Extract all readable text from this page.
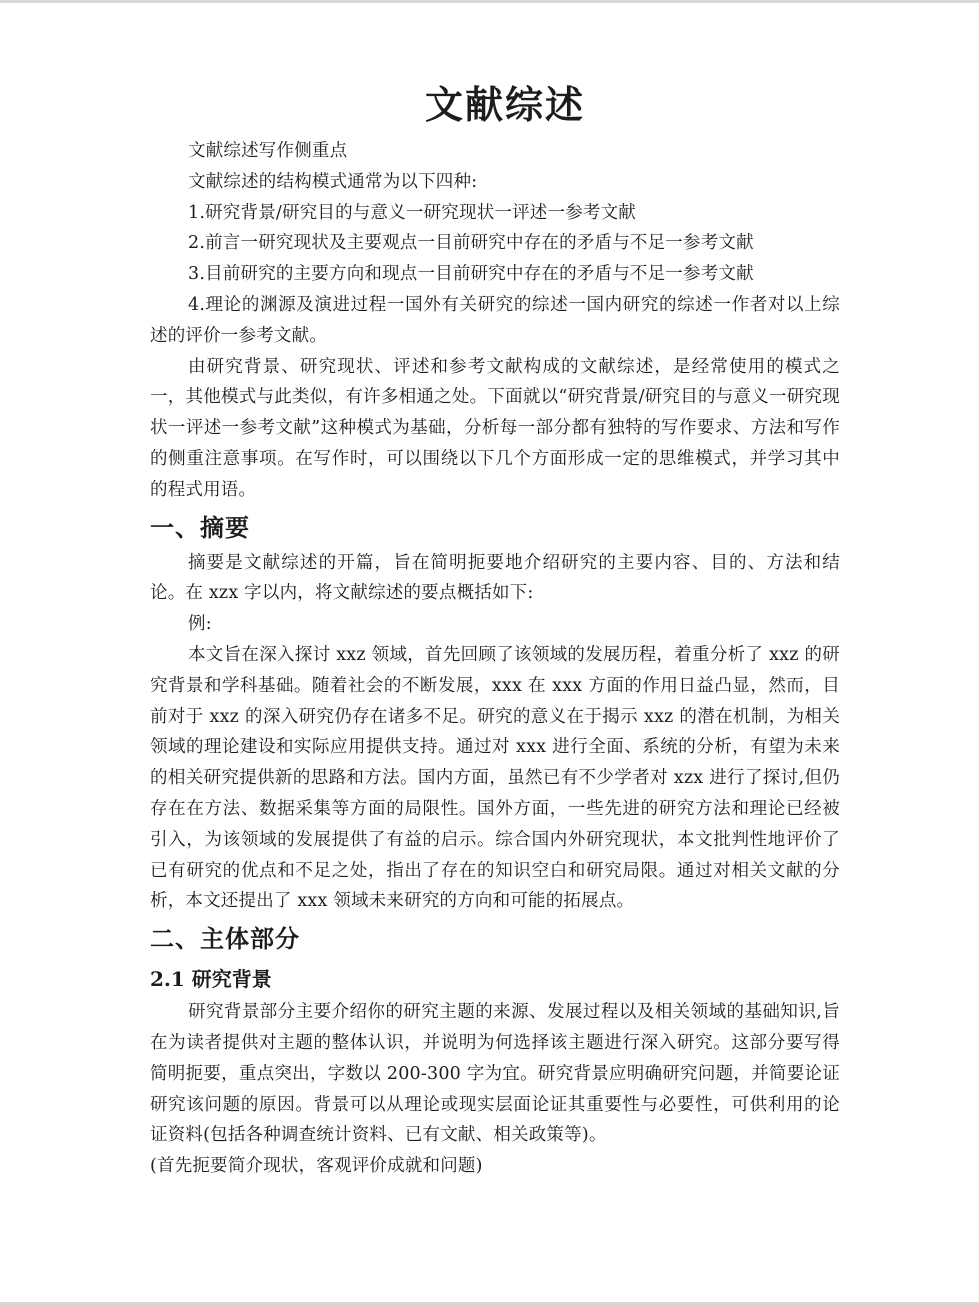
文献综述

文献综述写作侧重点

文献综述的结构模式通常为以下四种:

1.研究背景/研究目的与意义一研究现状一评述一参考文献

2.前言一研究现状及主要观点一目前研究中存在的矛盾与不足一参考文献

3.目前研究的主要方向和现点一目前研究中存在的矛盾与不足一参考文献

4.理论的渊源及演进过程一国外有关研究的综述一国内研究的综述一作者对以上综述的评价一参考文献。

由研究背景、研究现状、评述和参考文献构成的文献综述，是经常使用的模式之一，其他模式与此类似，有许多相通之处。下面就以“研究背景/研究目的与意义一研究现状一评述一参考文献”这种模式为基础，分析每一部分都有独特的写作要求、方法和写作的侧重注意事项。在写作时，可以围绕以下几个方面形成一定的思维模式，并学习其中的程式用语。

一、摘要

摘要是文献综述的开篇，旨在简明扼要地介绍研究的主要内容、目的、方法和结论。在 xzx 字以内，将文献综述的要点概括如下:

例:

本文旨在深入探讨 xxz 领域，首先回顾了该领域的发展历程，着重分析了 xxz 的研究背景和学科基础。随着社会的不断发展，xxx 在 xxx 方面的作用日益凸显，然而，目前对于 xxz 的深入研究仍存在诸多不足。研究的意义在于揭示 xxz 的潜在机制，为相关领域的理论建设和实际应用提供支持。通过对 xxx 进行全面、系统的分析，有望为未来的相关研究提供新的思路和方法。国内方面，虽然已有不少学者对 xzx 进行了探讨,但仍存在在方法、数据采集等方面的局限性。国外方面，一些先进的研究方法和理论已经被引入，为该领域的发展提供了有益的启示。综合国内外研究现状，本文批判性地评价了已有研究的优点和不足之处，指出了存在的知识空白和研究局限。通过对相关文献的分析，本文还提出了 xxx 领域未来研究的方向和可能的拓展点。

二、主体部分
2.1 研究背景

研究背景部分主要介绍你的研究主题的来源、发展过程以及相关领域的基础知识,旨在为读者提供对主题的整体认识，并说明为何选择该主题进行深入研究。这部分要写得简明扼要，重点突出，字数以 200-300 字为宜。研究背景应明确研究问题，并简要论证研究该问题的原因。背景可以从理论或现实层面论证其重要性与必要性，可供利用的论证资料(包括各种调查统计资料、已有文献、相关政策等)。

(首先扼要简介现状，客观评价成就和问题)
